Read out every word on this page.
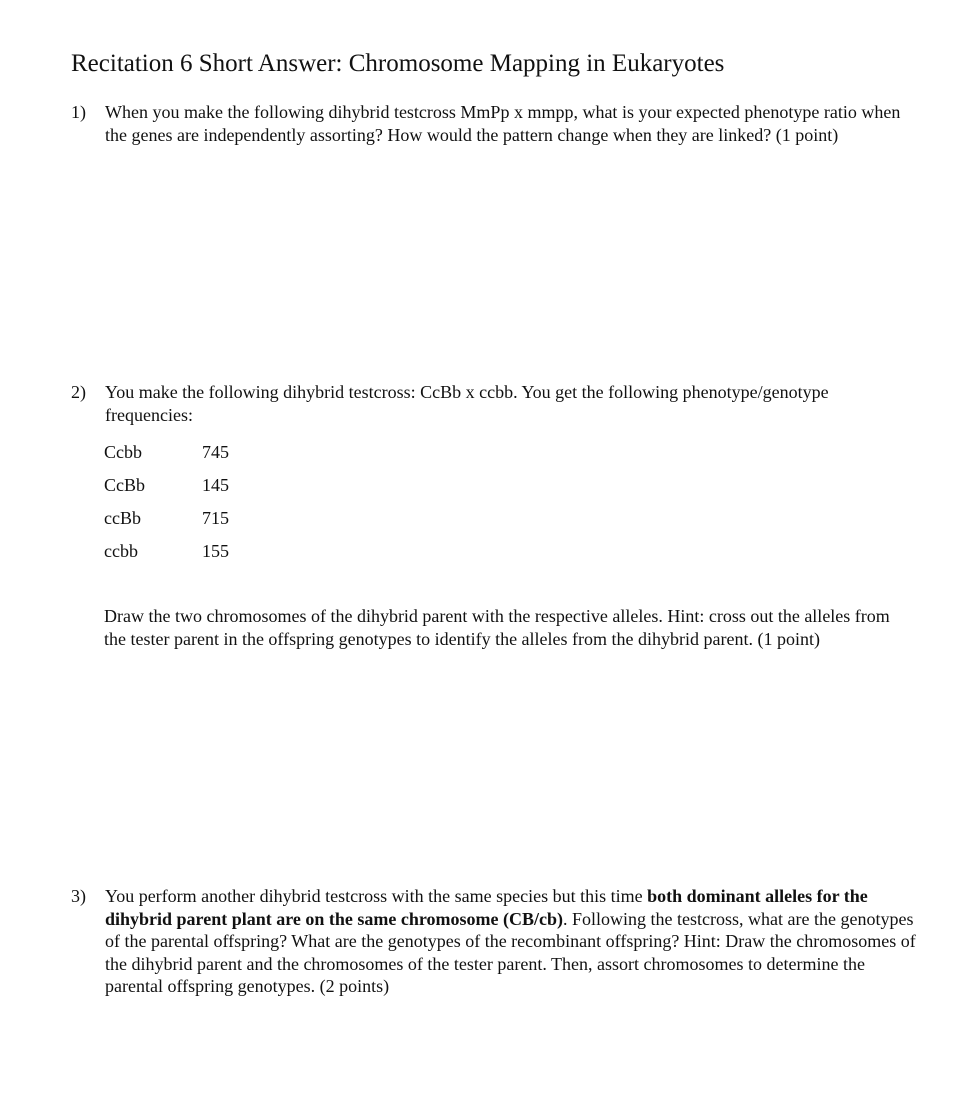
Recitation 6 Short Answer: Chromosome Mapping in Eukaryotes
1)	When you make the following dihybrid testcross MmPp x mmpp, what is your expected phenotype ratio when the genes are independently assorting? How would the pattern change when they are linked? (1 point)
2)	You make the following dihybrid testcross: CcBb x ccbb. You get the following phenotype/genotype frequencies:
Ccbb	745
CcBb	145
ccBb	715
ccbb	155
Draw the two chromosomes of the dihybrid parent with the respective alleles. Hint: cross out the alleles from the tester parent in the offspring genotypes to identify the alleles from the dihybrid parent. (1 point)
3)	You perform another dihybrid testcross with the same species but this time both dominant alleles for the dihybrid parent plant are on the same chromosome (CB/cb). Following the testcross, what are the genotypes of the parental offspring? What are the genotypes of the recombinant offspring? Hint: Draw the chromosomes of the dihybrid parent and the chromosomes of the tester parent. Then, assort chromosomes to determine the parental offspring genotypes. (2 points)
